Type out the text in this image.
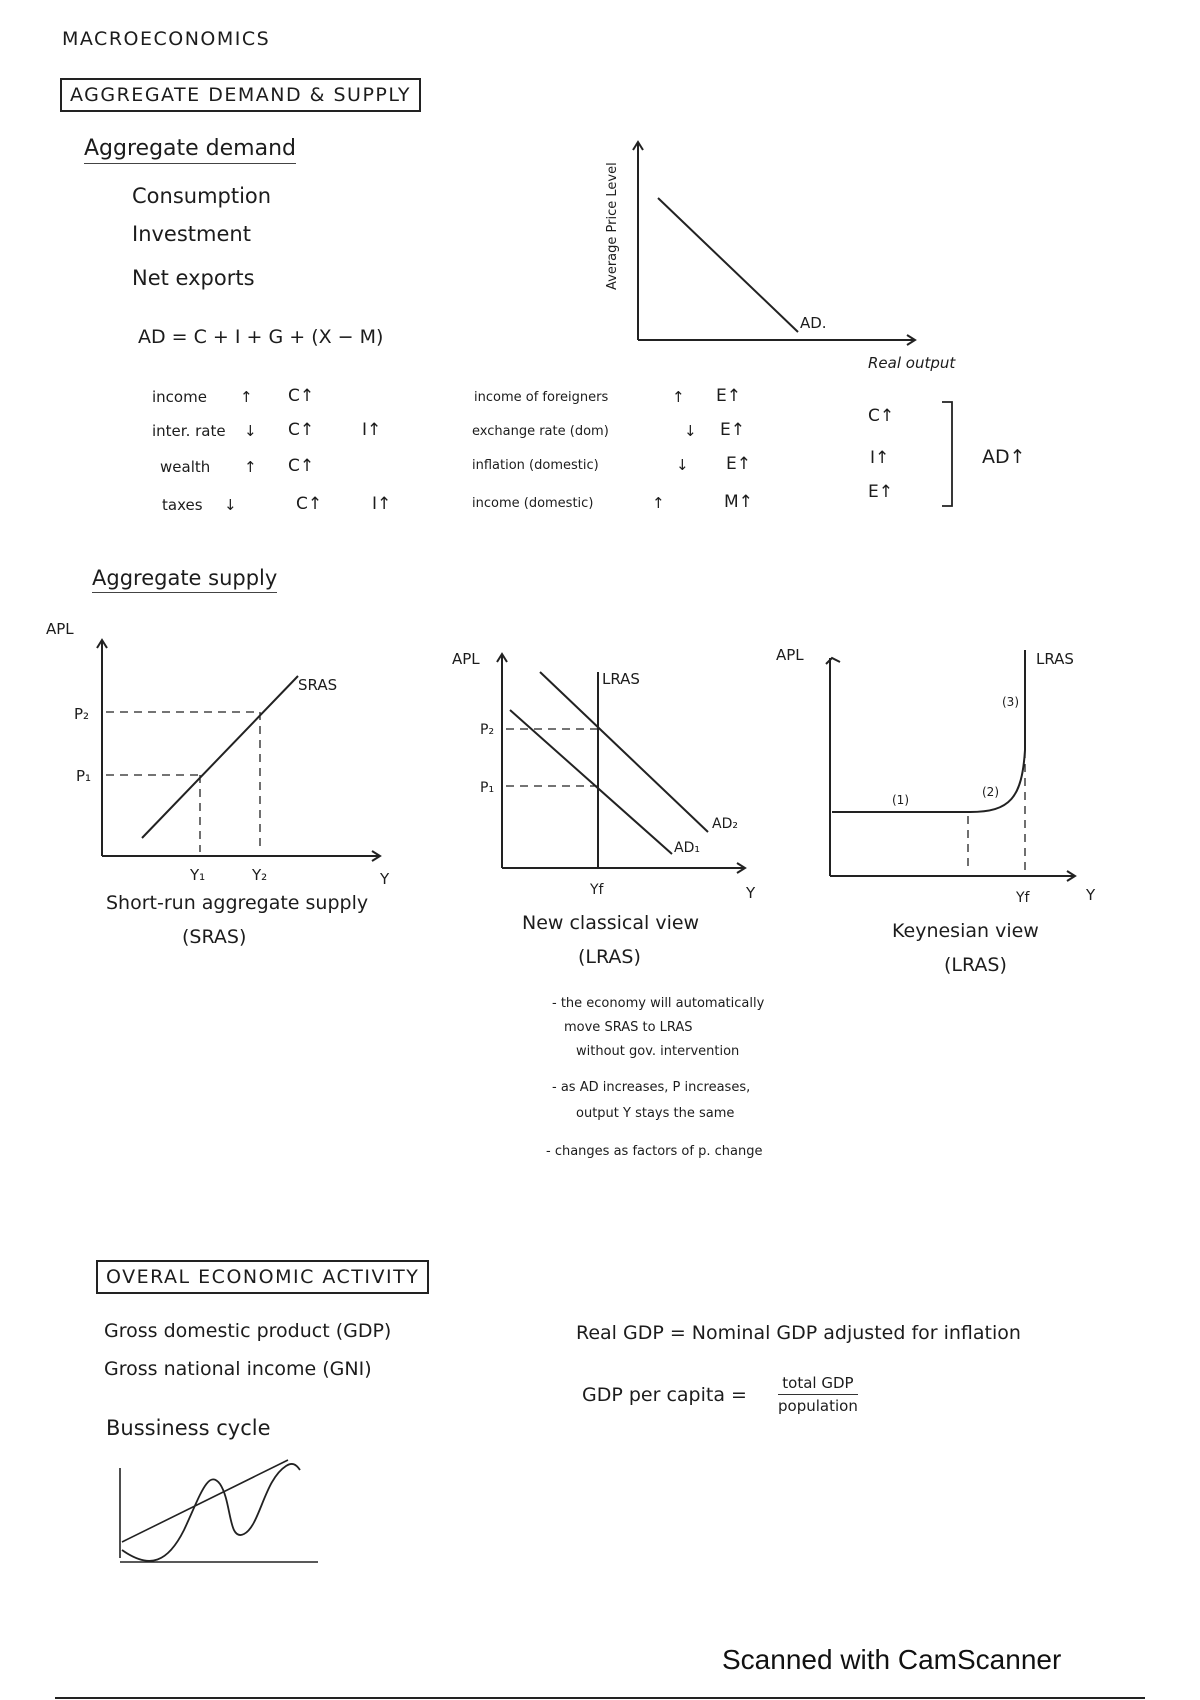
MACROECONOMICS
AGGREGATE DEMAND & SUPPLY
Aggregate demand
Consumption
Investment
Net exports
AD = C + I + G + (X − M)
Average Price Level
AD.
Real output
income ↑ C↑
inter. rate ↓ C↑	I↑
wealth ↑ C↑
taxes ↓	C↑	I↑
income of foreigners	↑ E↑
exchange rate (dom)	↓ E↑
inflation (domestic)	↓ E↑
income (domestic)	↑	M↑
C↑
I↑
E↑
AD↑
Aggregate supply
APL
SRAS
P₂
P₁
Y₁	Y₂	Y
Short-run aggregate supply
(SRAS)
APL
LRAS
AD₂
AD₁
P₂
P₁
Yf	Y
New classical view
(LRAS)
APL	LRAS
(3)
(2)
(1)
Yf	Y
Keynesian view
(LRAS)
- the economy will automatically
move SRAS to LRAS
without gov. intervention
- as AD increases, P increases,
output Y stays the same
- changes as factors of p. change
OVERAL ECONOMIC ACTIVITY
Gross domestic product (GDP)
Gross national income (GNI)
Bussiness cycle
Real GDP = Nominal GDP adjusted for inflation
GDP per capita =
total GDP
population
Scanned with CamScanner
